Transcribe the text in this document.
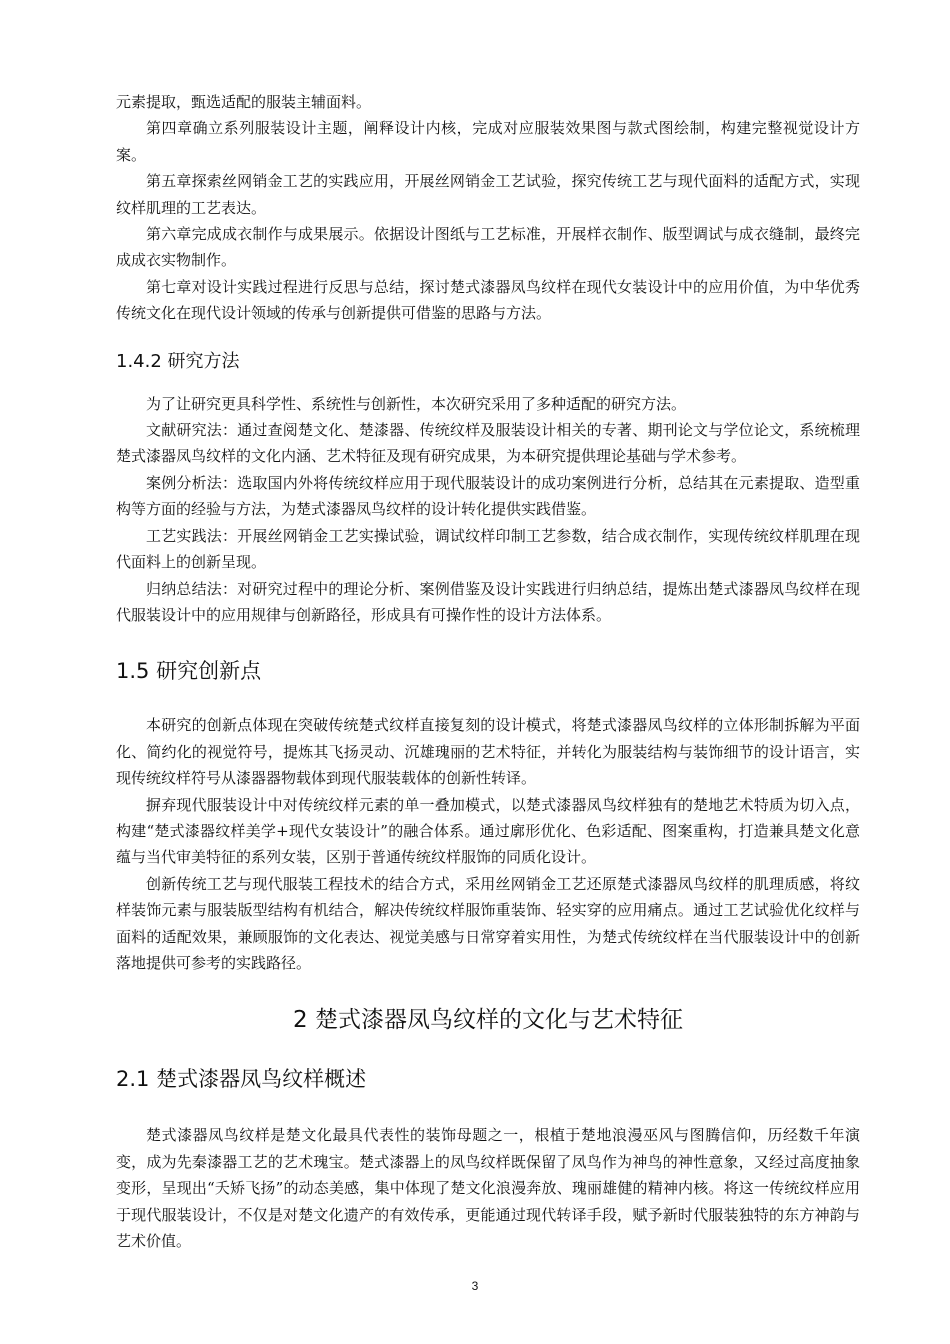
元素提取，甄选适配的服装主辅面料。

第四章确立系列服装设计主题，阐释设计内核，完成对应服装效果图与款式图绘制，构建完整视觉设计方案。

第五章探索丝网销金工艺的实践应用，开展丝网销金工艺试验，探究传统工艺与现代面料的适配方式，实现纹样肌理的工艺表达。

第六章完成成衣制作与成果展示。依据设计图纸与工艺标准，开展样衣制作、版型调试与成衣缝制，最终完成成衣实物制作。

第七章对设计实践过程进行反思与总结，探讨楚式漆器凤鸟纹样在现代女装设计中的应用价值，为中华优秀传统文化在现代设计领域的传承与创新提供可借鉴的思路与方法。

1.4.2 研究方法

为了让研究更具科学性、系统性与创新性，本次研究采用了多种适配的研究方法。

文献研究法：通过查阅楚文化、楚漆器、传统纹样及服装设计相关的专著、期刊论文与学位论文，系统梳理楚式漆器凤鸟纹样的文化内涵、艺术特征及现有研究成果，为本研究提供理论基础与学术参考。

案例分析法：选取国内外将传统纹样应用于现代服装设计的成功案例进行分析，总结其在元素提取、造型重构等方面的经验与方法，为楚式漆器凤鸟纹样的设计转化提供实践借鉴。

工艺实践法：开展丝网销金工艺实操试验，调试纹样印制工艺参数，结合成衣制作，实现传统纹样肌理在现代面料上的创新呈现。

归纳总结法：对研究过程中的理论分析、案例借鉴及设计实践进行归纳总结，提炼出楚式漆器凤鸟纹样在现代服装设计中的应用规律与创新路径，形成具有可操作性的设计方法体系。

1.5 研究创新点

本研究的创新点体现在突破传统楚式纹样直接复刻的设计模式，将楚式漆器凤鸟纹样的立体形制拆解为平面化、简约化的视觉符号，提炼其飞扬灵动、沉雄瑰丽的艺术特征，并转化为服装结构与装饰细节的设计语言，实现传统纹样符号从漆器器物载体到现代服装载体的创新性转译。

摒弃现代服装设计中对传统纹样元素的单一叠加模式，以楚式漆器凤鸟纹样独有的楚地艺术特质为切入点，构建“楚式漆器纹样美学+现代女装设计”的融合体系。通过廓形优化、色彩适配、图案重构，打造兼具楚文化意蕴与当代审美特征的系列女装，区别于普通传统纹样服饰的同质化设计。

创新传统工艺与现代服装工程技术的结合方式，采用丝网销金工艺还原楚式漆器凤鸟纹样的肌理质感，将纹样装饰元素与服装版型结构有机结合，解决传统纹样服饰重装饰、轻实穿的应用痛点。通过工艺试验优化纹样与面料的适配效果，兼顾服饰的文化表达、视觉美感与日常穿着实用性，为楚式传统纹样在当代服装设计中的创新落地提供可参考的实践路径。

2 楚式漆器凤鸟纹样的文化与艺术特征
2.1 楚式漆器凤鸟纹样概述

楚式漆器凤鸟纹样是楚文化最具代表性的装饰母题之一，根植于楚地浪漫巫风与图腾信仰，历经数千年演变，成为先秦漆器工艺的艺术瑰宝。楚式漆器上的凤鸟纹样既保留了凤鸟作为神鸟的神性意象，又经过高度抽象变形，呈现出“夭矫飞扬”的动态美感，集中体现了楚文化浪漫奔放、瑰丽雄健的精神内核。将这一传统纹样应用于现代服装设计，不仅是对楚文化遗产的有效传承，更能通过现代转译手段，赋予新时代服装独特的东方神韵与艺术价值。

3
